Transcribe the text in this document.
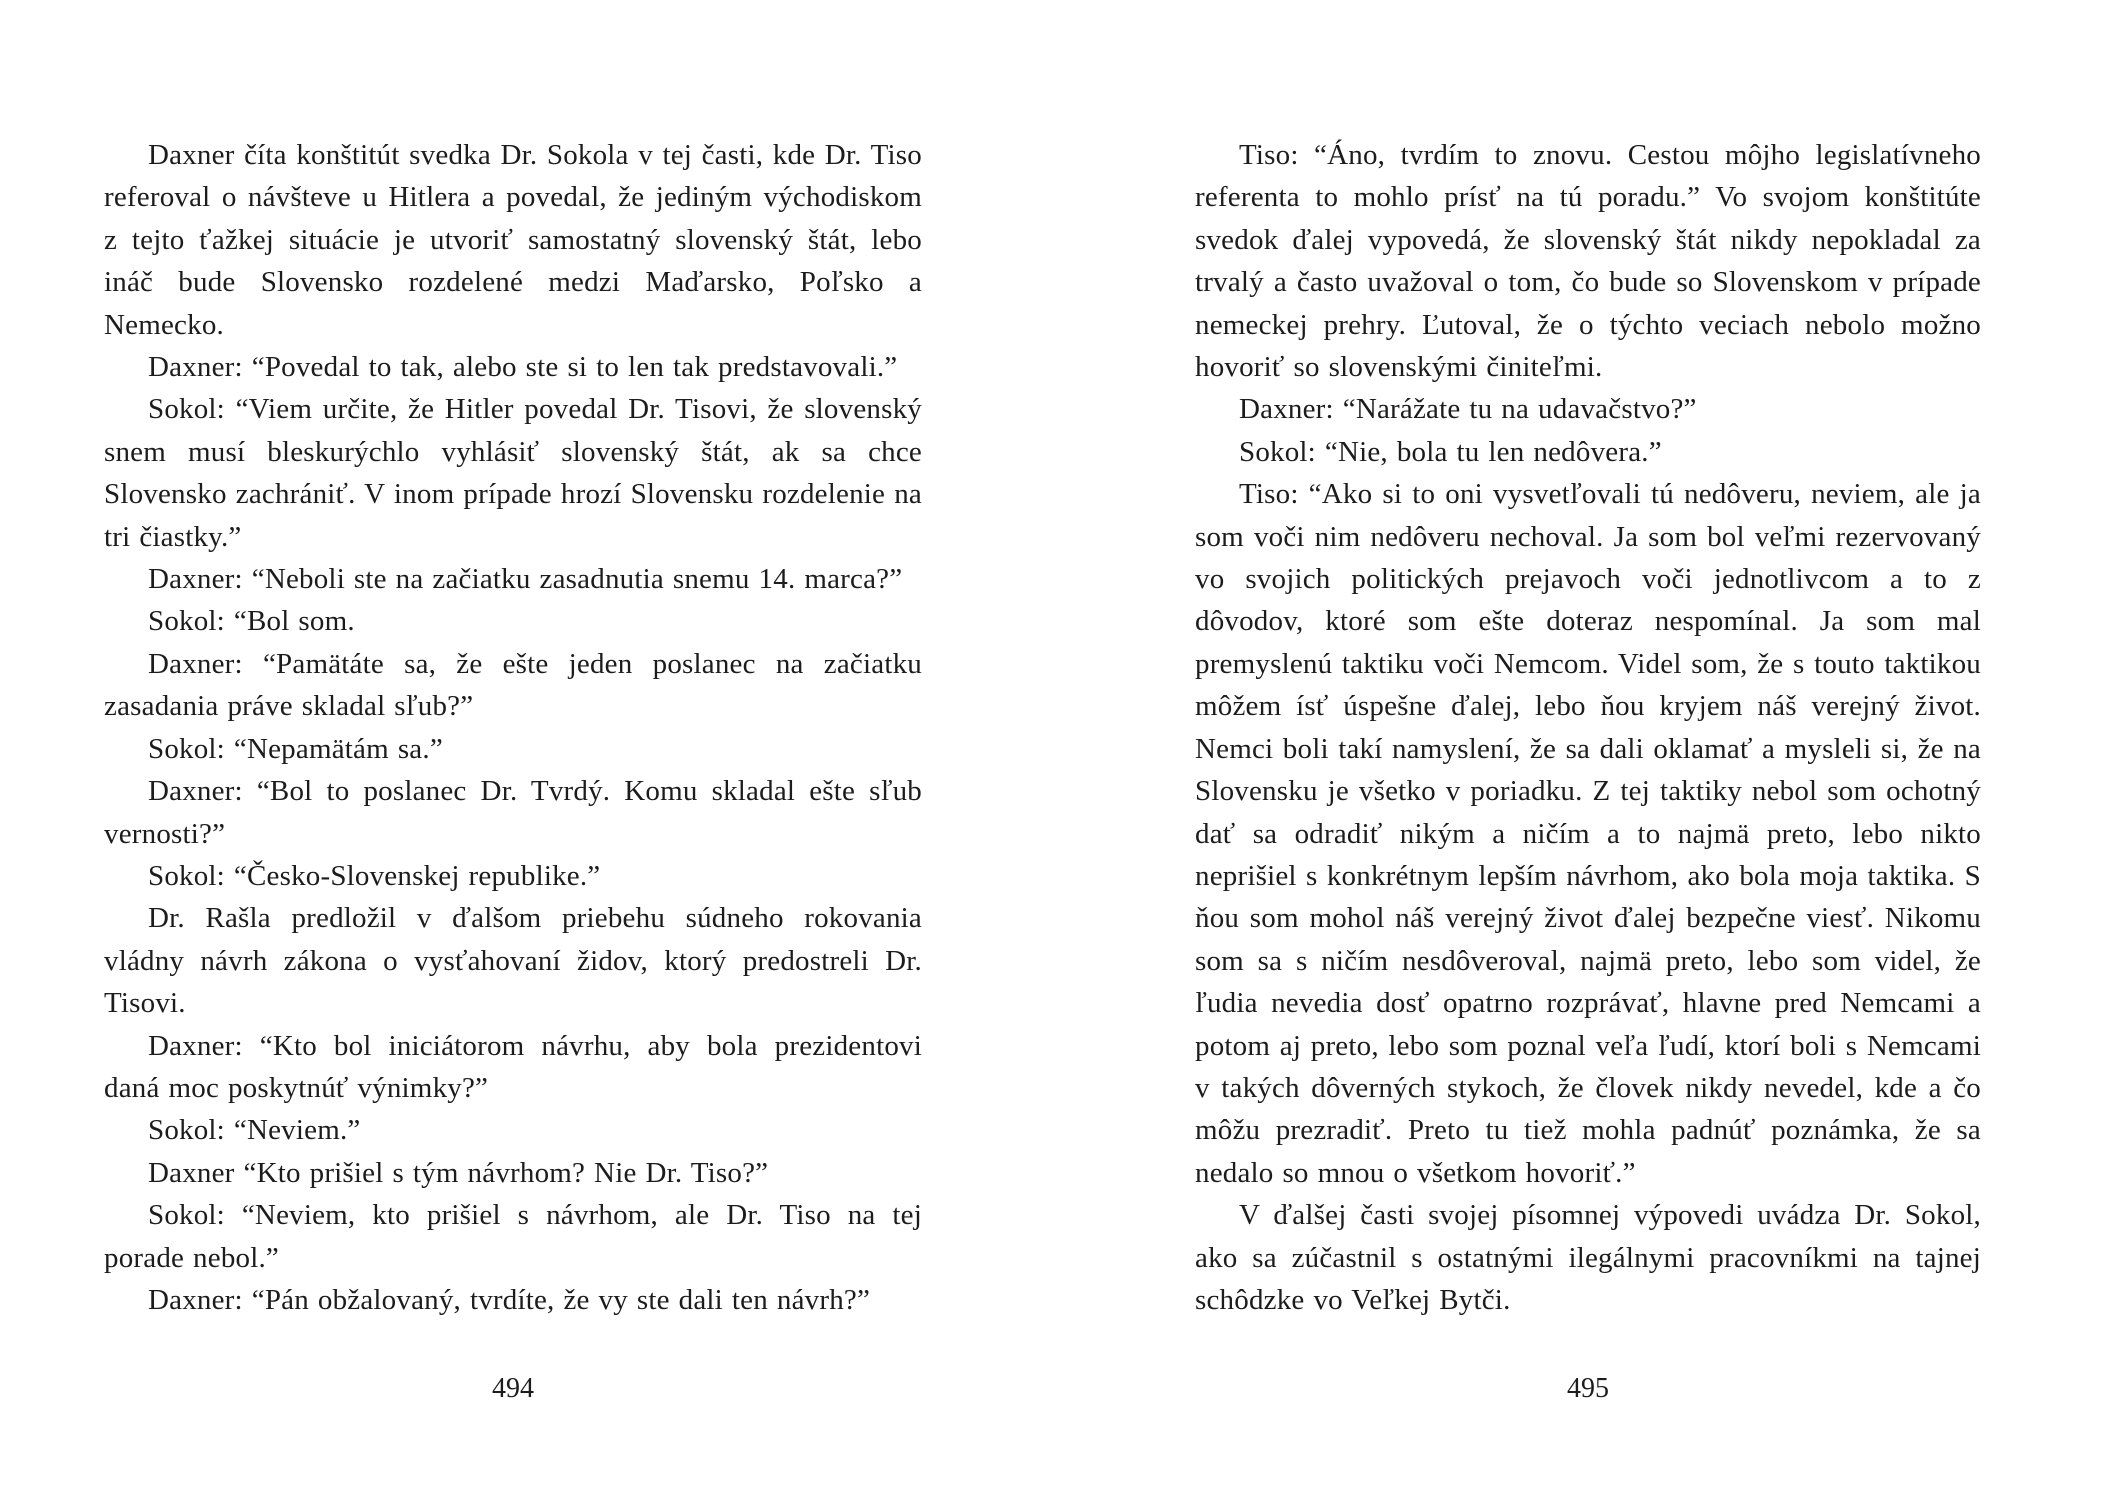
Daxner číta konštitút svedka Dr. Sokola v tej časti, kde Dr. Tiso referoval o návšteve u Hitlera a povedal, že jediným východiskom z tejto ťažkej situácie je utvoriť samostatný slovenský štát, lebo ináč bude Slovensko rozdelené medzi Maďarsko, Poľsko a Nemecko.

Daxner: “Povedal to tak, alebo ste si to len tak predstavovali.”

Sokol: “Viem určite, že Hitler povedal Dr. Tisovi, že slovenský snem musí bleskurýchlo vyhlásiť slovenský štát, ak sa chce Slovensko zachrániť. V inom prípade hrozí Slovensku rozdelenie na tri čiastky.”

Daxner: “Neboli ste na začiatku zasadnutia snemu 14. marca?”

Sokol: “Bol som.

Daxner: “Pamätáte sa, že ešte jeden poslanec na začiatku zasadania práve skladal sľub?”

Sokol: “Nepamätám sa.”

Daxner: “Bol to poslanec Dr. Tvrdý. Komu skladal ešte sľub vernosti?”

Sokol: “Česko-Slovenskej republike.”

Dr. Rašla predložil v ďalšom priebehu súdneho rokovania vládny návrh zákona o vysťahovaní židov, ktorý predostreli Dr. Tisovi.

Daxner: “Kto bol iniciátorom návrhu, aby bola prezidentovi daná moc poskytnúť výnimky?”

Sokol: “Neviem.”

Daxner “Kto prišiel s tým návrhom? Nie Dr. Tiso?”

Sokol: “Neviem, kto prišiel s návrhom, ale Dr. Tiso na tej porade nebol.”

Daxner: “Pán obžalovaný, tvrdíte, že vy ste dali ten návrh?”

Tiso: “Áno, tvrdím to znovu. Cestou môjho legislatívneho referenta to mohlo prísť na tú poradu.” Vo svojom konštitúte svedok ďalej vypovedá, že slovenský štát nikdy nepokladal za trvalý a často uvažoval o tom, čo bude so Slovenskom v prípade nemeckej prehry. Ľutoval, že o týchto veciach nebolo možno hovoriť so slovenskými činiteľmi.

Daxner: “Narážate tu na udavačstvo?”

Sokol: “Nie, bola tu len nedôvera.”

Tiso: “Ako si to oni vysvetľovali tú nedôveru, neviem, ale ja som voči nim nedôveru nechoval. Ja som bol veľmi rezervovaný vo svojich politických prejavoch voči jednotlivcom a to z dôvodov, ktoré som ešte doteraz nespomínal. Ja som mal premyslenú taktiku voči Nemcom. Videl som, že s touto taktikou môžem ísť úspešne ďalej, lebo ňou kryjem náš verejný život. Nemci boli takí namyslení, že sa dali oklamať a mysleli si, že na Slovensku je všetko v poriadku. Z tej taktiky nebol som ochotný dať sa odradiť nikým a ničím a to najmä preto, lebo nikto neprišiel s konkrétnym lepším návrhom, ako bola moja taktika. S ňou som mohol náš verejný život ďalej bezpečne viesť. Nikomu som sa s ničím nesdôveroval, najmä preto, lebo som videl, že ľudia nevedia dosť opatrno rozprávať, hlavne pred Nemcami a potom aj preto, lebo som poznal veľa ľudí, ktorí boli s Nemcami v takých dôverných stykoch, že človek nikdy nevedel, kde a čo môžu prezradiť. Preto tu tiež mohla padnúť poznámka, že sa nedalo so mnou o všetkom hovoriť.”

V ďalšej časti svojej písomnej výpovedi uvádza Dr. Sokol, ako sa zúčastnil s ostatnými ilegálnymi pracovníkmi na tajnej schôdzke vo Veľkej Bytči.

494	495
